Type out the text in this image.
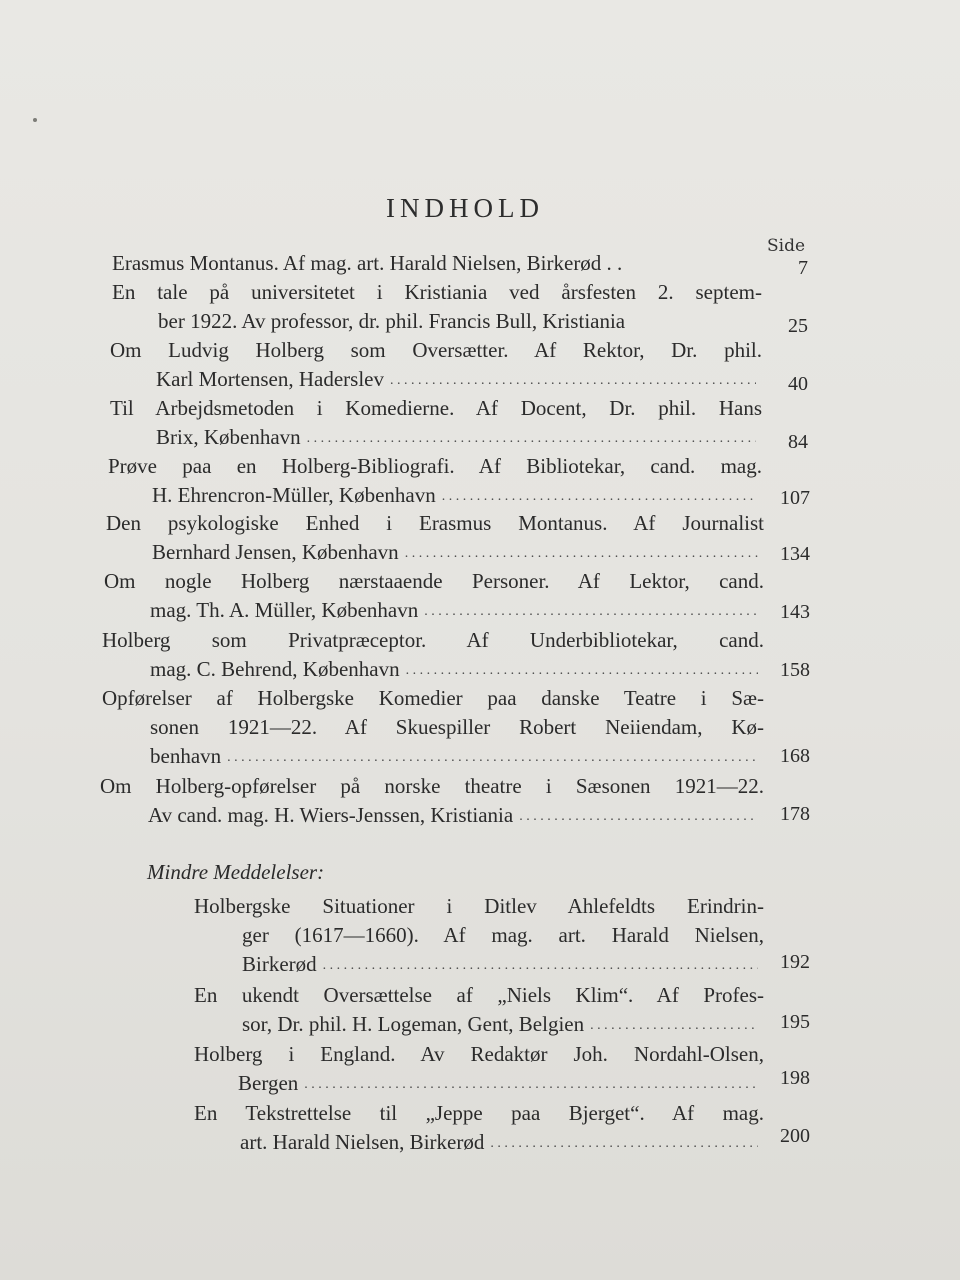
INDHOLD
Side
Erasmus Montanus. Af mag. art. Harald Nielsen, Birkerød . .	7
En tale på universitetet i Kristiania ved årsfesten 2. septem-
ber 1922. Av professor, dr. phil. Francis Bull, Kristiania	25
Om Ludvig Holberg som Oversætter. Af Rektor, Dr. phil.
Karl Mortensen, Haderslev . . .	40
Til Arbejdsmetoden i Komedierne. Af Docent, Dr. phil. Hans
Brix, København . . .	84
Prøve paa en Holberg-Bibliografi. Af Bibliotekar, cand. mag.
H. Ehrencron-Müller, København . . .	107
Den psykologiske Enhed i Erasmus Montanus. Af Journalist
Bernhard Jensen, København . . .	134
Om nogle Holberg nærstaaende Personer. Af Lektor, cand.
mag. Th. A. Müller, København . . .	143
Holberg som Privatpræceptor. Af Underbibliotekar, cand.
mag. C. Behrend, København . . .	158
Opførelser af Holbergske Komedier paa danske Teatre i Sæ-
sonen 1921—22. Af Skuespiller Robert Neiiendam, Kø-
benhavn . . .	168
Om Holberg-opførelser på norske theatre i Sæsonen 1921—22.
Av cand. mag. H. Wiers-Jenssen, Kristiania . . .	178
Mindre Meddelelser:
Holbergske Situationer i Ditlev Ahlefeldts Erindrin-
ger (1617—1660). Af mag. art. Harald Nielsen,
Birkerød . . .	192
En ukendt Oversættelse af „Niels Klim“. Af Profes-
sor, Dr. phil. H. Logeman, Gent, Belgien . . .	195
Holberg i England. Av Redaktør Joh. Nordahl-Olsen,
Bergen . . .	198
En Tekstrettelse til „Jeppe paa Bjerget“. Af mag.
art. Harald Nielsen, Birkerød . . .	200
